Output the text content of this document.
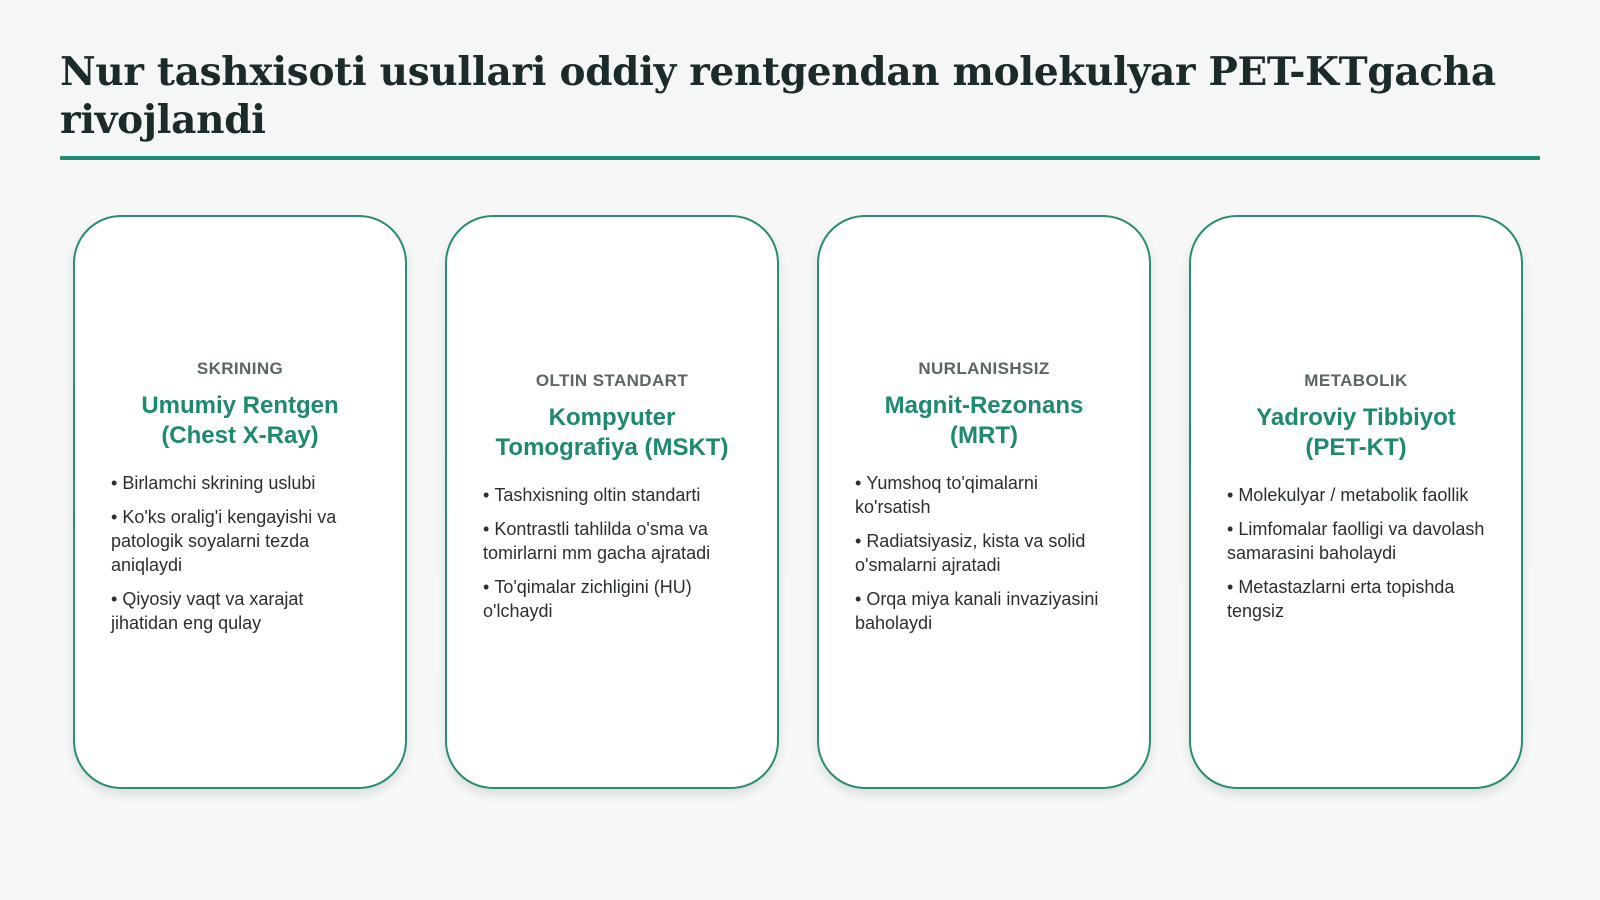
Nur tashxisoti usullari oddiy rentgendan molekulyar PET-KTgacha rivojlandi
SKRINING
Umumiy Rentgen (Chest X-Ray)
• Birlamchi skrining uslubi
• Ko'ks oralig'i kengayishi va patologik soyalarni tezda aniqlaydi
• Qiyosiy vaqt va xarajat jihatidan eng qulay
OLTIN STANDART
Kompyuter Tomografiya (MSKT)
• Tashxisning oltin standarti
• Kontrastli tahlilda o'sma va tomirlarni mm gacha ajratadi
• To'qimalar zichligini (HU) o'lchaydi
NURLANISHSIZ
Magnit-Rezonans (MRT)
• Yumshoq to'qimalarni ko'rsatish
• Radiatsiyasiz, kista va solid o'smalarni ajratadi
• Orqa miya kanali invaziyasini baholaydi
METABOLIK
Yadroviy Tibbiyot (PET-KT)
• Molekulyar / metabolik faollik
• Limfomalar faolligi va davolash samarasini baholaydi
• Metastazlarni erta topishda tengsiz
